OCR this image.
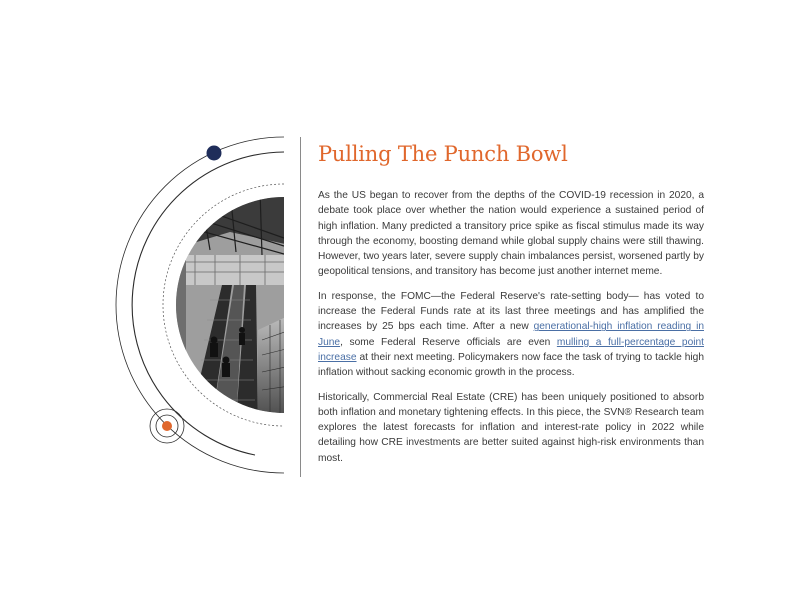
Pulling The Punch Bowl

As the US began to recover from the depths of the COVID-19 recession in 2020, a debate took place over whether the nation would experience a sustained period of high inflation. Many predicted a transitory price spike as fiscal stimulus made its way through the economy, boosting demand while global supply chains were still thawing. However, two years later, severe supply chain imbalances persist, worsened partly by geopolitical tensions, and transitory has become just another internet meme.

In response, the FOMC—the Federal Reserve's rate-setting body— has voted to increase the Federal Funds rate at its last three meetings and has amplified the increases by 25 bps each time. After a new generational-high inflation reading in June, some Federal Reserve officials are even mulling a full-percentage point increase at their next meeting. Policymakers now face the task of trying to tackle high inflation without sacking economic growth in the process.

Historically, Commercial Real Estate (CRE) has been uniquely positioned to absorb both inflation and monetary tightening effects. In this piece, the SVN® Research team explores the latest forecasts for inflation and interest-rate policy in 2022 while detailing how CRE investments are better suited against high-risk environments than most.
